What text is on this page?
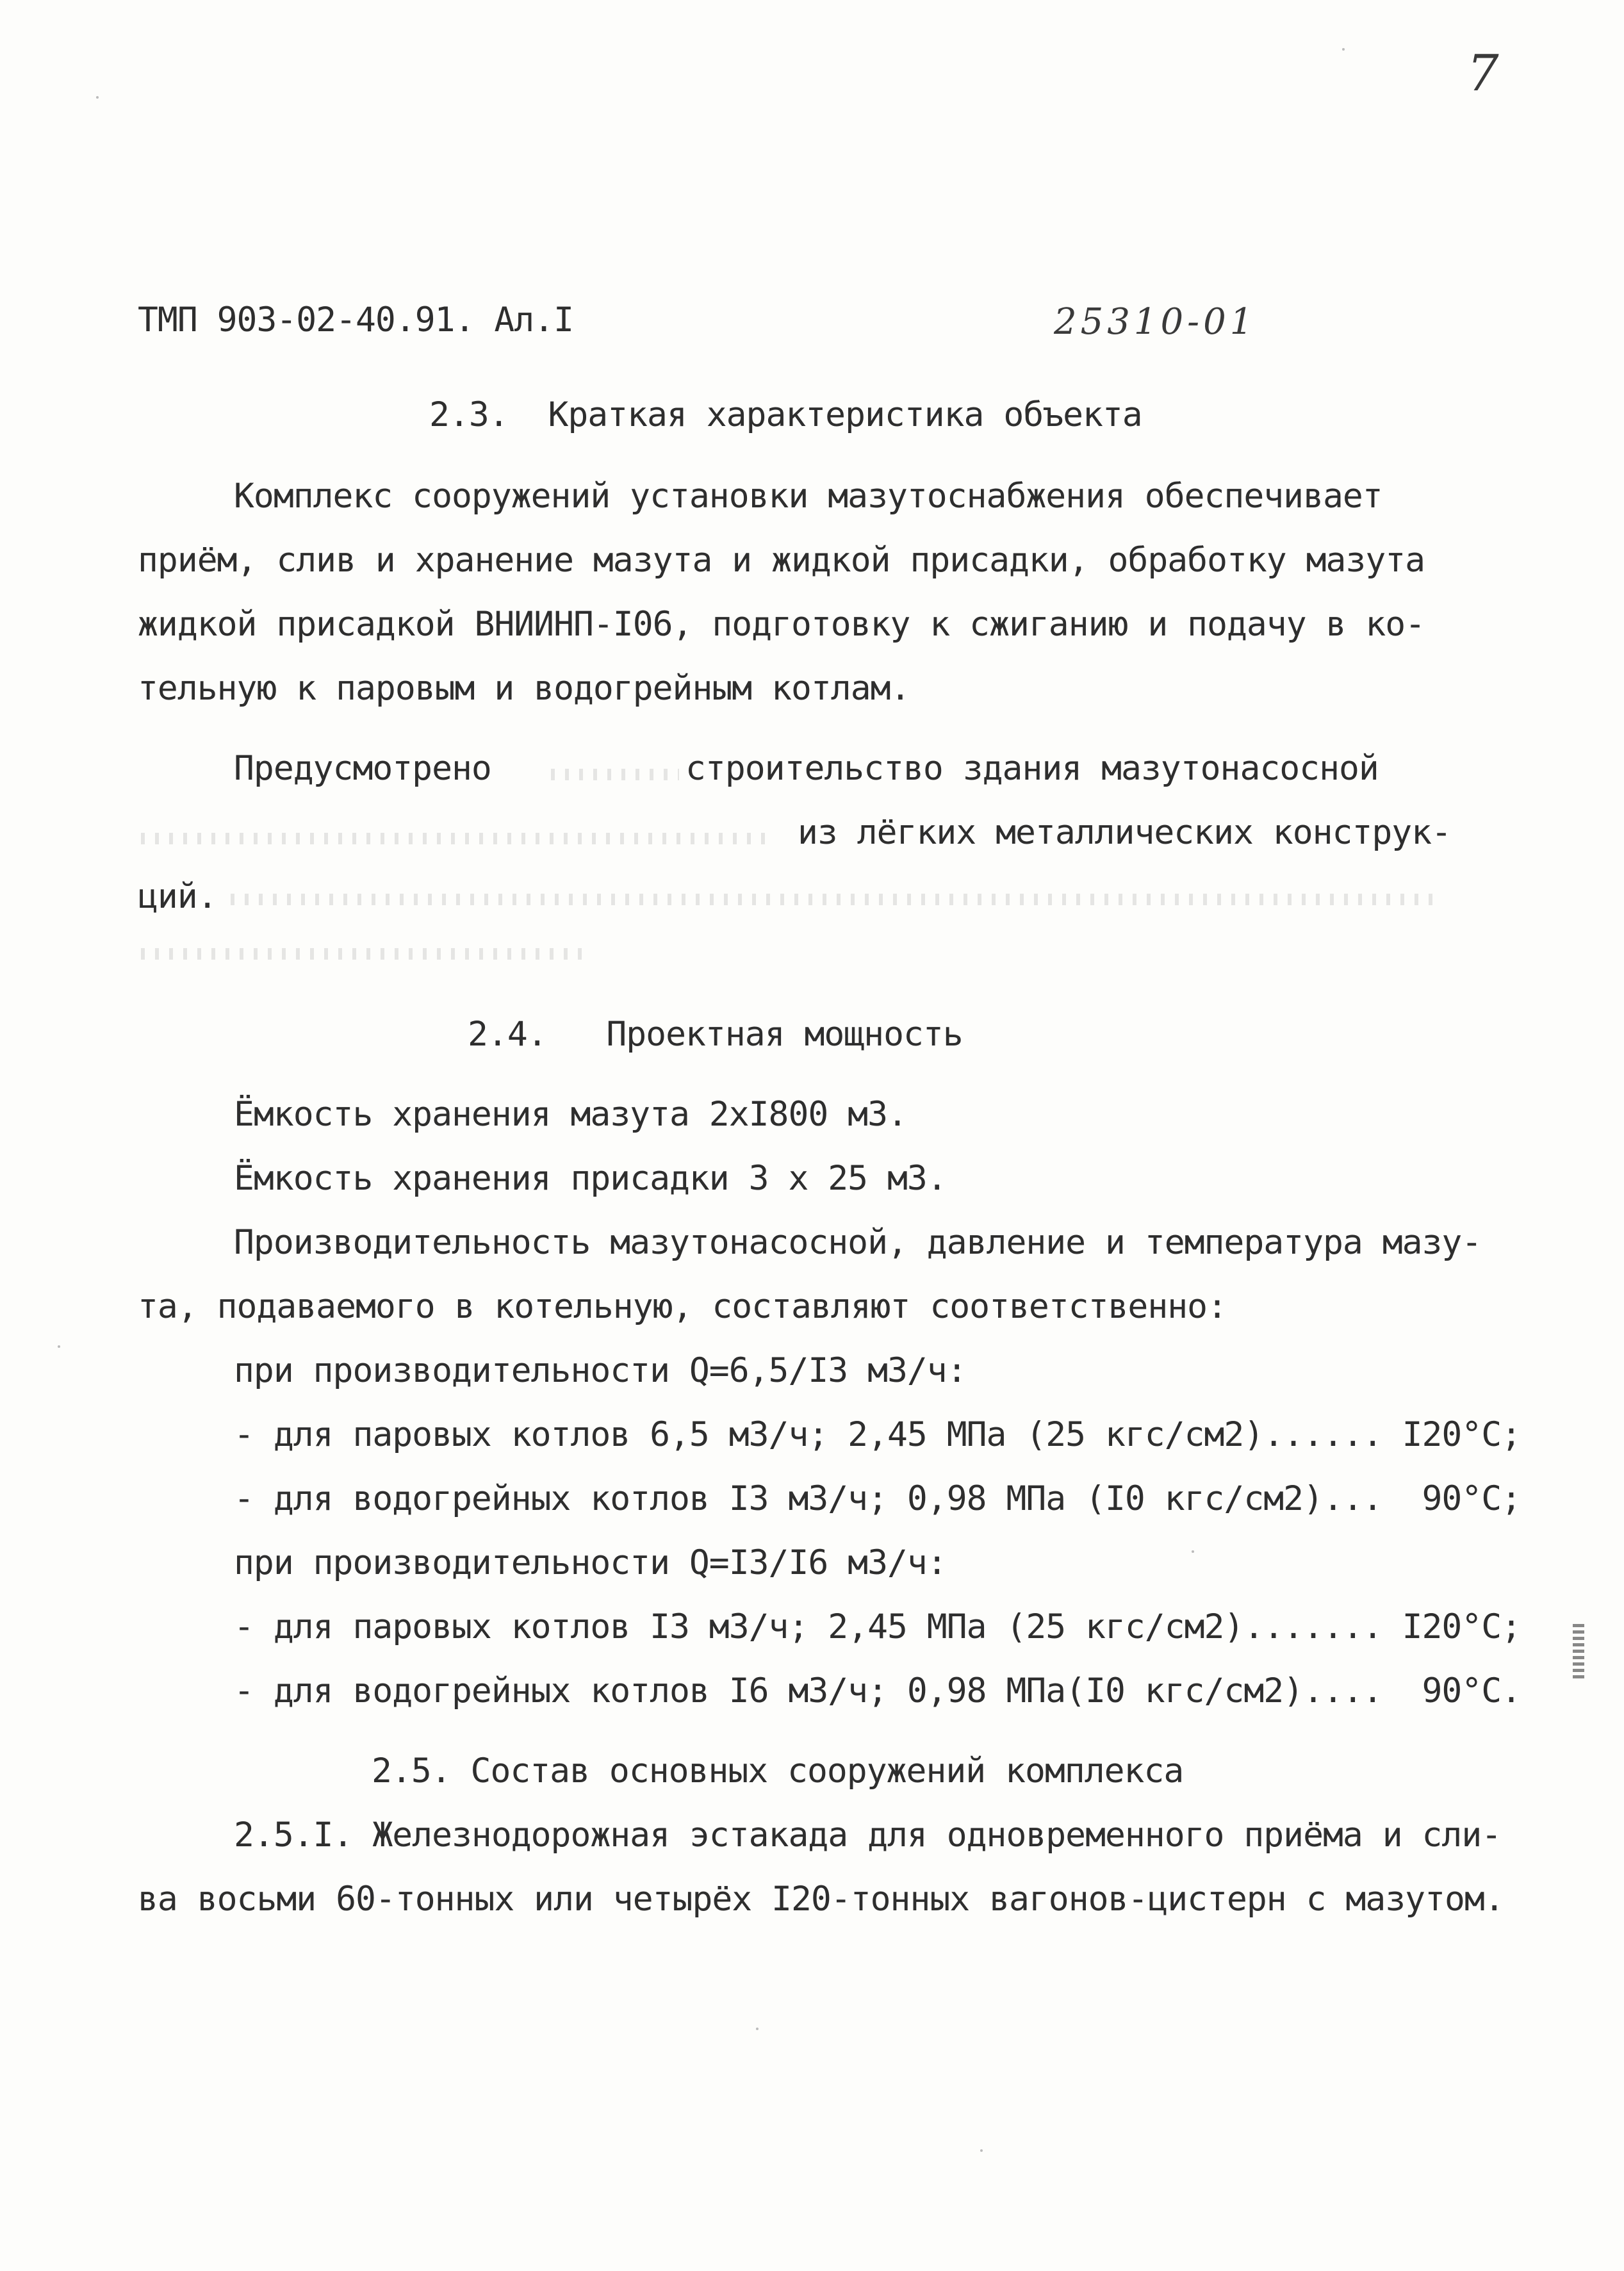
7
25310-01
ТМП 903-02-40.91. Ал.I
2.3.  Краткая характеристика объекта
Комплекс сооружений установки мазутоснабжения обеспечивает
приём, слив и хранение мазута и жидкой присадки, обработку мазута
жидкой присадкой ВНИИНП-I06, подготовку к сжиганию и подачу в ко-
тельную к паровым и водогрейным котлам.
Предусмотрено	строительство здания мазутонасосной
из лёгких металлических конструк-
ций.
2.4.   Проектная мощность
Ёмкость хранения мазута 2хI800 м3.
Ёмкость хранения присадки 3 х 25 м3.
Производительность мазутонасосной, давление и температура мазу-
та, подаваемого в котельную, составляют соответственно:
при производительности Q=6,5/I3 м3/ч:
- для паровых котлов 6,5 м3/ч; 2,45 МПа (25 кгс/см2)...... I20°С;
- для водогрейных котлов I3 м3/ч; 0,98 МПа (I0 кгс/см2)...  90°С;
при производительности Q=I3/I6 м3/ч:
- для паровых котлов I3 м3/ч; 2,45 МПа (25 кгс/см2)....... I20°С;
- для водогрейных котлов I6 м3/ч; 0,98 МПа(I0 кгс/см2)....  90°С.
2.5. Состав основных сооружений комплекса
2.5.I. Железнодорожная эстакада для одновременного приёма и сли-
ва восьми 60-тонных или четырёх I20-тонных вагонов-цистерн с мазутом.
